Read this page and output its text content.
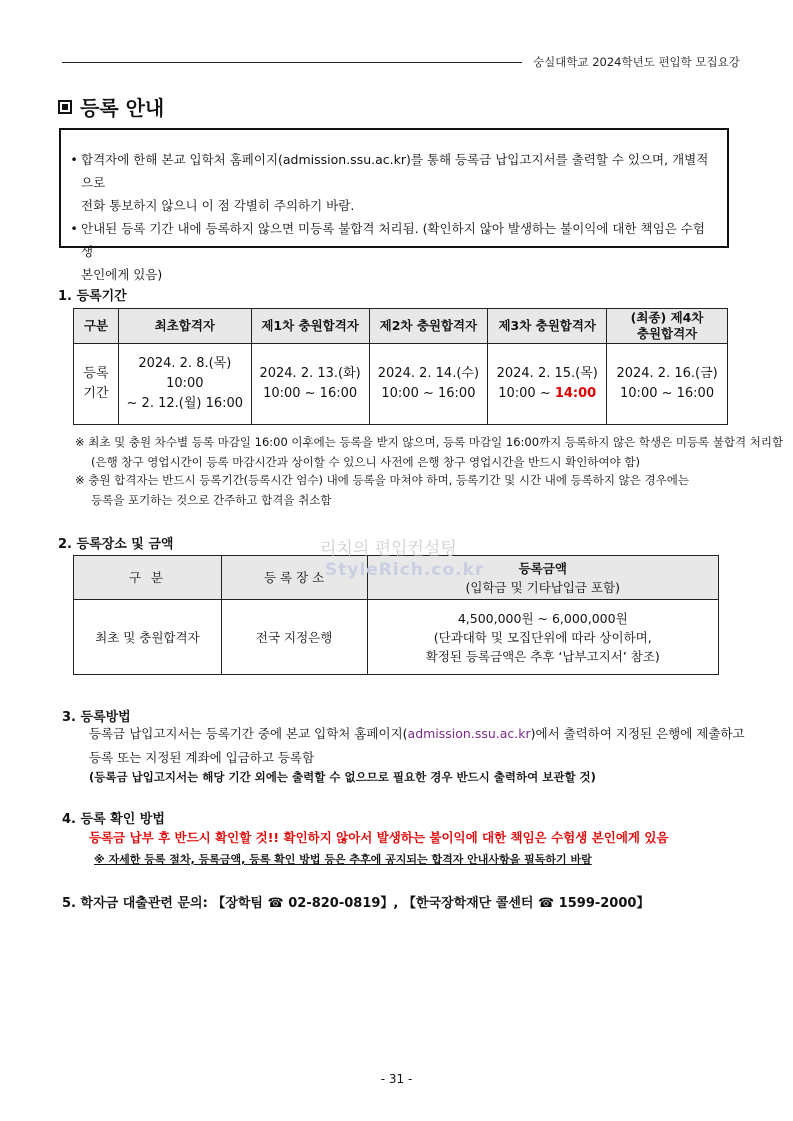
숭실대학교 2024학년도 편입학 모집요강
등록 안내
• 합격자에 한해 본교 입학처 홈페이지(admission.ssu.ac.kr)를 통해 등록금 납입고지서를 출력할 수 있으며, 개별적으로
전화 통보하지 않으니 이 점 각별히 주의하기 바람.
• 안내된 등록 기간 내에 등록하지 않으면 미등록 불합격 처리됨. (확인하지 않아 발생하는 불이익에 대한 책임은 수험생
본인에게 있음)
1. 등록기간
구분	최초합격자	제1차 충원합격자	제2차 충원합격자	제3차 충원합격자	(최종) 제4차
충원합격자
등록
기간	2024. 2. 8.(목) 10:00
~ 2. 12.(월) 16:00	2024. 2. 13.(화)
10:00 ~ 16:00	2024. 2. 14.(수)
10:00 ~ 16:00	2024. 2. 15.(목)
10:00 ~ 14:00	2024. 2. 16.(금)
10:00 ~ 16:00
※ 최초 및 충원 차수별 등록 마감일 16:00 이후에는 등록을 받지 않으며, 등록 마감일 16:00까지 등록하지 않은 학생은 미등록 불합격 처리함
(은행 창구 영업시간이 등록 마감시간과 상이할 수 있으니 사전에 은행 창구 영업시간을 반드시 확인하여야 함)
※ 충원 합격자는 반드시 등록기간(등록시간 엄수) 내에 등록을 마쳐야 하며, 등록기간 및 시간 내에 등록하지 않은 경우에는
등록을 포기하는 것으로 간주하고 합격을 취소함
2. 등록장소 및 금액
구 분	등 록 장 소	등록금액
(입학금 및 기타납입금 포함)
최초 및 충원합격자	전국 지정은행	4,500,000원 ~ 6,000,000원
(단과대학 및 모집단위에 따라 상이하며,
확정된 등록금액은 추후 ‘납부고지서’ 참조)
리치의 편입컨설팅
StyleRich.co.kr
3. 등록방법
등록금 납입고지서는 등록기간 중에 본교 입학처 홈페이지(admission.ssu.ac.kr)에서 출력하여 지정된 은행에 제출하고
등록 또는 지정된 계좌에 입금하고 등록함
(등록금 납입고지서는 해당 기간 외에는 출력할 수 없으므로 필요한 경우 반드시 출력하여 보관할 것)
4. 등록 확인 방법
등록금 납부 후 반드시 확인할 것!! 확인하지 않아서 발생하는 불이익에 대한 책임은 수험생 본인에게 있음
※ 자세한 등록 절차, 등록금액, 등록 확인 방법 등은 추후에 공지되는 합격자 안내사항을 필독하기 바람
5. 학자금 대출관련 문의: 【장학팀 ☎ 02-820-0819】, 【한국장학재단 콜센터 ☎ 1599-2000】
- 31 -
